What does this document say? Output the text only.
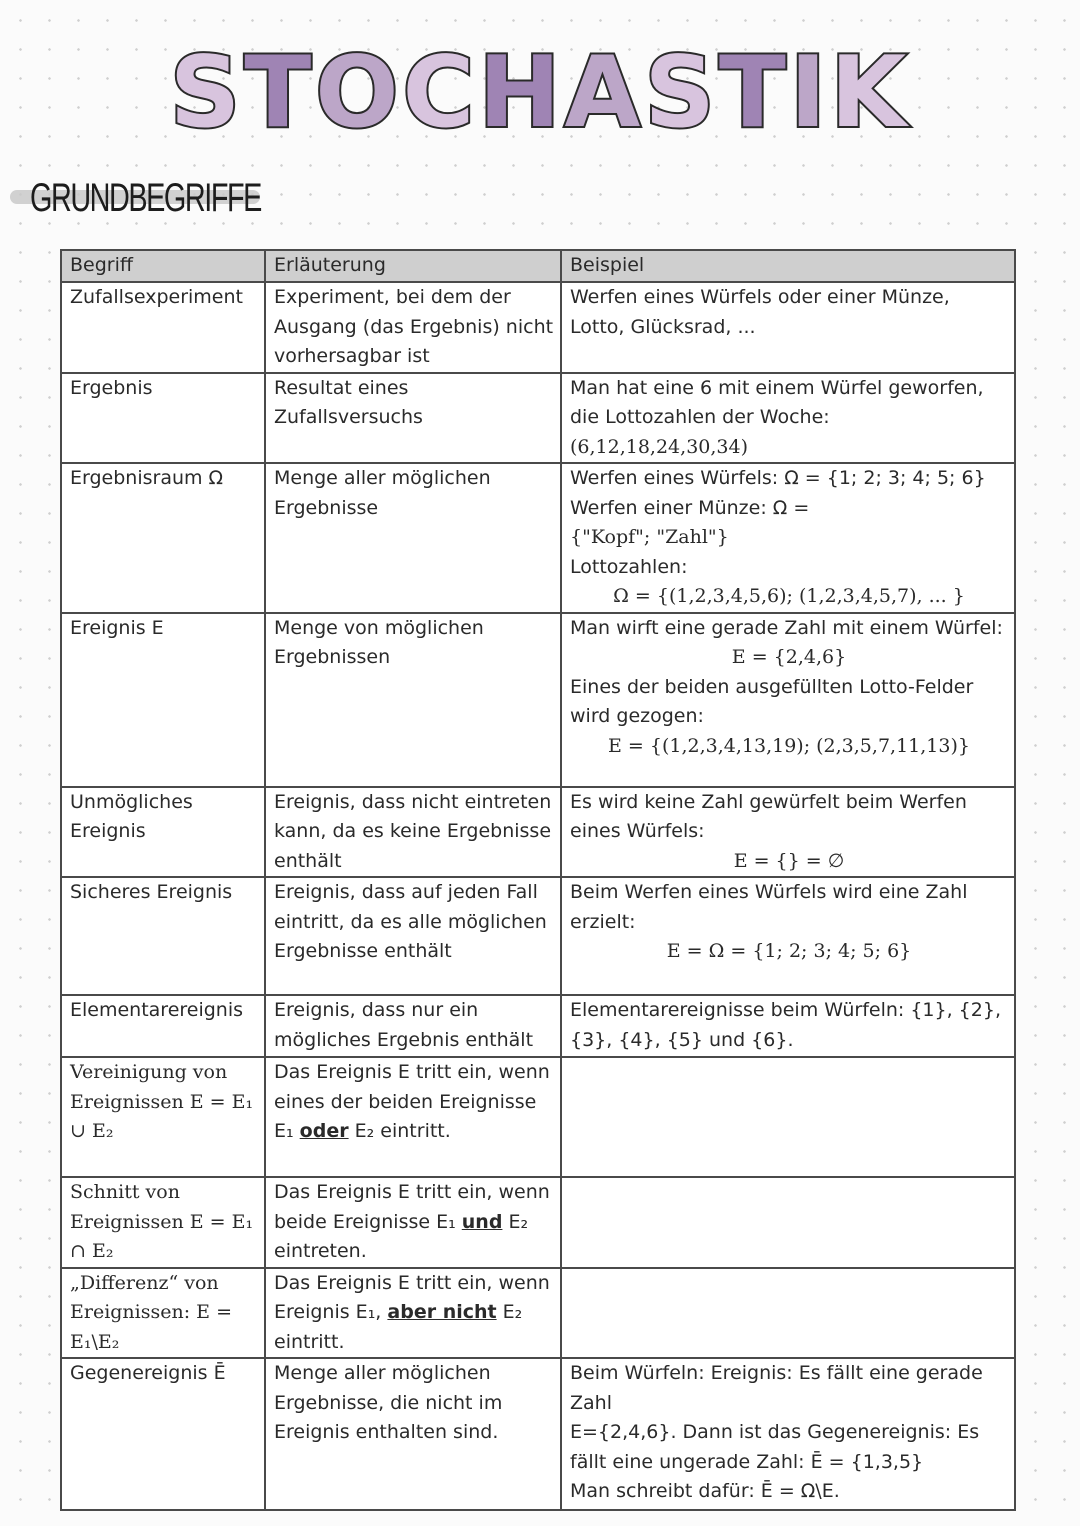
STOCHASTIK
GRUNDBEGRIFFE
Begriff	Erläuterung	Beispiel
Zufallsexperiment	Experiment, bei dem der Ausgang (das Ergebnis) nicht vorhersagbar ist	Werfen eines Würfels oder einer Münze, Lotto, Glücksrad, ...
Ergebnis	Resultat eines Zufallsversuchs	Man hat eine 6 mit einem Würfel geworfen, die Lottozahlen der Woche:
(6,12,18,24,30,34)

Ergebnisraum Ω	Menge aller möglichen Ergebnisse	Werfen eines Würfels: Ω = {1; 2; 3; 4; 5; 6}
Werfen einer Münze: Ω =
{"Kopf"; "Zahl"}
Lottozahlen:
Ω = {(1,2,3,4,5,6); (1,2,3,4,5,7), ... }

Ereignis E	Menge von möglichen Ergebnissen	Man wirft eine gerade Zahl mit einem Würfel:
E = {2,4,6}
Eines der beiden ausgefüllten Lotto-Felder wird gezogen:
E = {(1,2,3,4,13,19); (2,3,5,7,11,13)}

Unmögliches Ereignis	Ereignis, dass nicht eintreten kann, da es keine Ergebnisse enthält	Es wird keine Zahl gewürfelt beim Werfen eines Würfels:
E = {} = ∅

Sicheres Ereignis	Ereignis, dass auf jeden Fall eintritt, da es alle möglichen Ergebnisse enthält	Beim Werfen eines Würfels wird eine Zahl erzielt:
E = Ω = {1; 2; 3; 4; 5; 6}

Elementarereignis	Ereignis, dass nur ein mögliches Ergebnis enthält	Elementarereignisse beim Würfeln: {1}, {2}, {3}, {4}, {5} und {6}.
Vereinigung von Ereignissen E = E₁ ∪ E₂	Das Ereignis E tritt ein, wenn eines der beiden Ereignisse E₁ oder E₂ eintritt.	
Schnitt von Ereignissen E = E₁ ∩ E₂	Das Ereignis E tritt ein, wenn beide Ereignisse E₁ und E₂ eintreten.	
„Differenz“ von Ereignissen: E = E₁\E₂	Das Ereignis E tritt ein, wenn Ereignis E₁, aber nicht E₂ eintritt.	
Gegenereignis Ē	Menge aller möglichen Ergebnisse, die nicht im Ereignis enthalten sind.	Beim Würfeln: Ereignis: Es fällt eine gerade Zahl
E={2,4,6}. Dann ist das Gegenereignis: Es fällt eine ungerade Zahl: Ē = {1,3,5}
Man schreibt dafür: Ē = Ω\E.
